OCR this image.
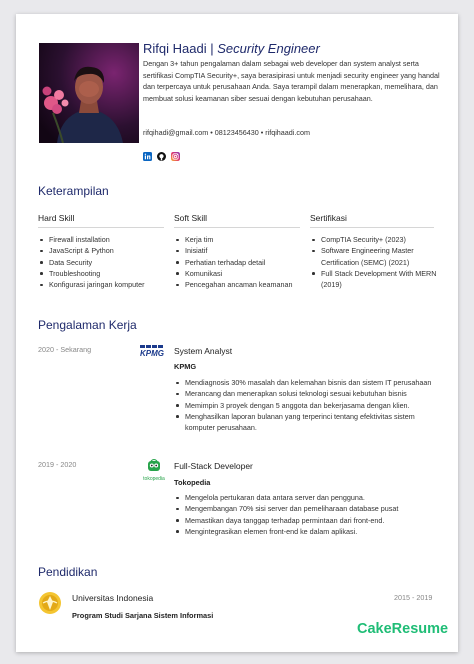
Rifqi Haadi | Security Engineer
Dengan 3+ tahun pengalaman dalam sebagai web developer dan system analyst serta sertifikasi CompTIA Security+, saya berasipirasi untuk menjadi security engineer yang handal dan terpercaya untuk perusahaan Anda. Saya terampil dalam menerapkan, memelihara, dan membuat solusi keamanan siber sesuai dengan kebutuhan perusahaan.
rifqihadi@gmail.com • 08123456430 • rifqihaadi.com
Keterampilan
Hard Skill
Firewall installation
JavaScript & Python
Data Security
Troubleshooting
Konfigurasi jaringan komputer
Soft Skill
Kerja tim
Inisiatif
Perhatian terhadap detail
Komunikasi
Pencegahan ancaman keamanan
Sertifikasi
CompTIA Security+ (2023)
Software Engineering Master Certification (SEMC) (2021)
Full Stack Development With MERN (2019)
Pengalaman Kerja
2020 - Sekarang	KPMG System Analyst
KPMG
Mendiagnosis 30% masalah dan kelemahan bisnis dan sistem IT perusahaan
Merancang dan menerapkan solusi teknologi sesuai kebutuhan bisnis
Memimpin 3 proyek dengan 5 anggota dan bekerjasama dengan klien.
Menghasilkan laporan bulanan yang terperinci tentang efektivitas sistem komputer perusahaan.
2019 - 2020
tokopedia
Full-Stack Developer
Tokopedia
Mengelola pertukaran data antara server dan pengguna.
Mengembangan 70% sisi server dan pemeliharaan database pusat
Memastikan daya tanggap terhadap permintaan dari front-end.
Mengintegrasikan elemen front-end ke dalam aplikasi.
Pendidikan
Universitas Indonesia
Program Studi Sarjana Sistem Informasi
2015 - 2019
CakeResume
